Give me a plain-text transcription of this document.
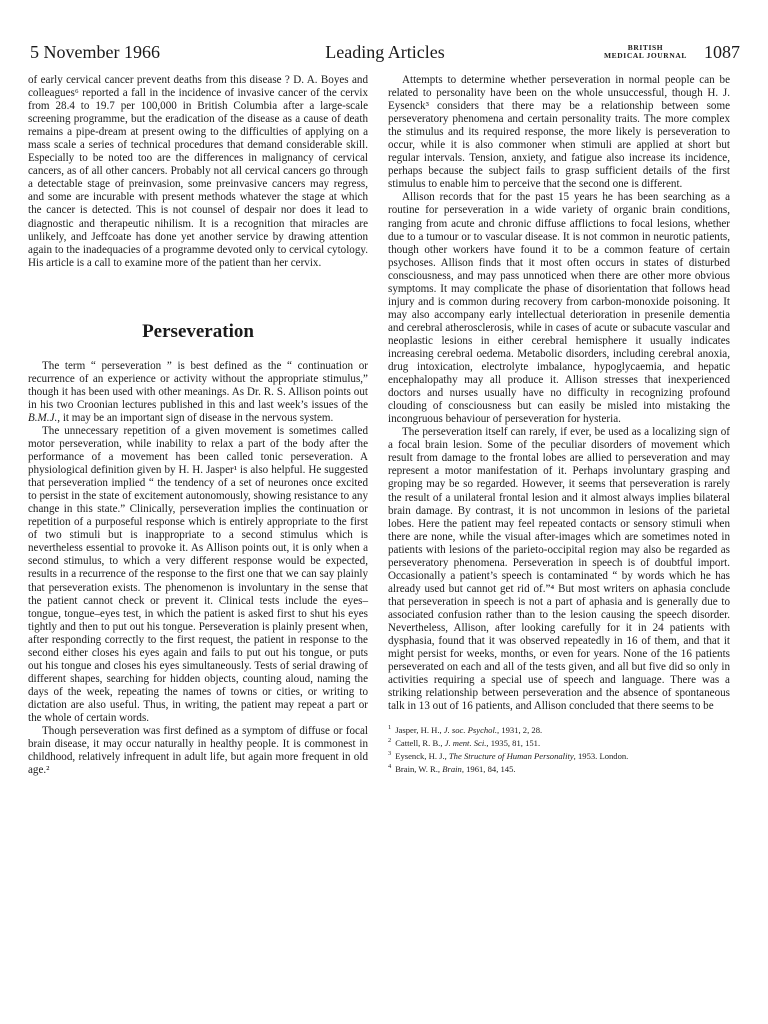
5 November 1966	Leading Articles	BRITISH
MEDICAL JOURNAL 1087

of early cervical cancer prevent deaths from this disease ? D. A. Boyes and colleagues⁶ reported a fall in the incidence of invasive cancer of the cervix from 28.4 to 19.7 per 100,000 in British Columbia after a large-scale screening programme, but the eradication of the disease as a cause of death remains a pipe-dream at present owing to the difficulties of applying on a mass scale a series of technical procedures that demand considerable skill. Especially to be noted too are the differences in malignancy of cervical cancers, as of all other cancers. Probably not all cervical cancers go through a detectable stage of preinvasion, some preinvasive cancers may regress, and some are incurable with present methods whatever the stage at which the cancer is detected. This is not counsel of despair nor does it lead to diagnostic and therapeutic nihilism. It is a recognition that miracles are unlikely, and Jeffcoate has done yet another service by drawing attention again to the inadequacies of a programme devoted only to cervical cytology. His article is a call to examine more of the patient than her cervix.

Perseveration

The term “ perseveration ” is best defined as the “ continuation or recurrence of an experience or activity without the appropriate stimulus,” though it has been used with other meanings. As Dr. R. S. Allison points out in his two Croonian lectures published in this and last week’s issues of the B.M.J., it may be an important sign of disease in the nervous system.

The unnecessary repetition of a given movement is sometimes called motor perseveration, while inability to relax a part of the body after the performance of a movement has been called tonic perseveration. A physiological definition given by H. H. Jasper¹ is also helpful. He suggested that perseveration implied “ the tendency of a set of neurones once excited to persist in the state of excitement autonomously, showing resistance to any change in this state.” Clinically, perseveration implies the continuation or repetition of a purposeful response which is entirely appropriate to the first of two stimuli but is inappropriate to a second stimulus which is nevertheless essential to provoke it. As Allison points out, it is only when a second stimulus, to which a very different response would be expected, results in a recurrence of the response to the first one that we can say plainly that perseveration exists. The phenomenon is involuntary in the sense that the patient cannot check or prevent it. Clinical tests include the eyes–tongue, tongue–eyes test, in which the patient is asked first to shut his eyes tightly and then to put out his tongue. Perseveration is plainly present when, after responding correctly to the first request, the patient in response to the second either closes his eyes again and fails to put out his tongue, or puts out his tongue and closes his eyes simultaneously. Tests of serial drawing of different shapes, searching for hidden objects, counting aloud, naming the days of the week, repeating the names of towns or cities, or writing to dictation are also useful. Thus, in writing, the patient may repeat a part or the whole of certain words.

Though perseveration was first defined as a symptom of diffuse or focal brain disease, it may occur naturally in healthy people. It is commonest in childhood, relatively infrequent in adult life, but again more frequent in old age.²

Attempts to determine whether perseveration in normal people can be related to personality have been on the whole unsuccessful, though H. J. Eysenck³ considers that there may be a relationship between some perseveratory phenomena and certain personality traits. The more complex the stimulus and its required response, the more likely is perseveration to occur, while it is also commoner when stimuli are applied at short but regular intervals. Tension, anxiety, and fatigue also increase its incidence, perhaps because the subject fails to grasp sufficient details of the first stimulus to enable him to perceive that the second one is different.

Allison records that for the past 15 years he has been searching as a routine for perseveration in a wide variety of organic brain conditions, ranging from acute and chronic diffuse afflictions to focal lesions, whether due to a tumour or to vascular disease. It is not common in neurotic patients, though other workers have found it to be a common feature of certain psychoses. Allison finds that it most often occurs in states of disturbed consciousness, and may pass unnoticed when there are other more obvious symptoms. It may complicate the phase of disorientation that follows head injury and is common during recovery from carbon-monoxide poisoning. It may also accompany early intellectual deterioration in presenile dementia and cerebral atherosclerosis, while in cases of acute or subacute vascular and neoplastic lesions in either cerebral hemisphere it usually indicates increasing cerebral oedema. Metabolic disorders, including cerebral anoxia, drug intoxication, electrolyte imbalance, hypoglycaemia, and hepatic encephalopathy may all produce it. Allison stresses that inexperienced doctors and nurses usually have no difficulty in recognizing profound clouding of consciousness but can easily be misled into mistaking the incongruous behaviour of perseveration for hysteria.

The perseveration itself can rarely, if ever, be used as a localizing sign of a focal brain lesion. Some of the peculiar disorders of movement which result from damage to the frontal lobes are allied to perseveration and may represent a motor manifestation of it. Perhaps involuntary grasping and groping may be so regarded. However, it seems that perseveration is rarely the result of a unilateral frontal lesion and it almost always implies bilateral brain damage. By contrast, it is not uncommon in lesions of the parietal lobes. Here the patient may feel repeated contacts or sensory stimuli when there are none, while the visual after-images which are sometimes noted in patients with lesions of the parieto-occipital region may also be regarded as perseveratory phenomena. Perseveration in speech is of doubtful import. Occasionally a patient’s speech is contaminated “ by words which he has already used but cannot get rid of.”⁴ But most writers on aphasia conclude that perseveration in speech is not a part of aphasia and is generally due to associated confusion rather than to the lesion causing the speech disorder. Nevertheless, Allison, after looking carefully for it in 24 patients with dysphasia, found that it was observed repeatedly in 16 of them, and that it might persist for weeks, months, or even for years. None of the 16 patients perseverated on each and all of the tests given, and all but five did so only in activities requiring a special use of speech and language. There was a striking relationship between perseveration and the absence of spontaneous talk in 13 out of 16 patients, and Allison concluded that there seems to be

$^1$ Jasper, H. H., J. soc. Psychol., 1931, 2, 28.
$^2$ Cattell, R. B., J. ment. Sci., 1935, 81, 151.
$^3$ Eysenck, H. J., The Structure of Human Personality, 1953. London.
$^4$ Brain, W. R., Brain, 1961, 84, 145.
